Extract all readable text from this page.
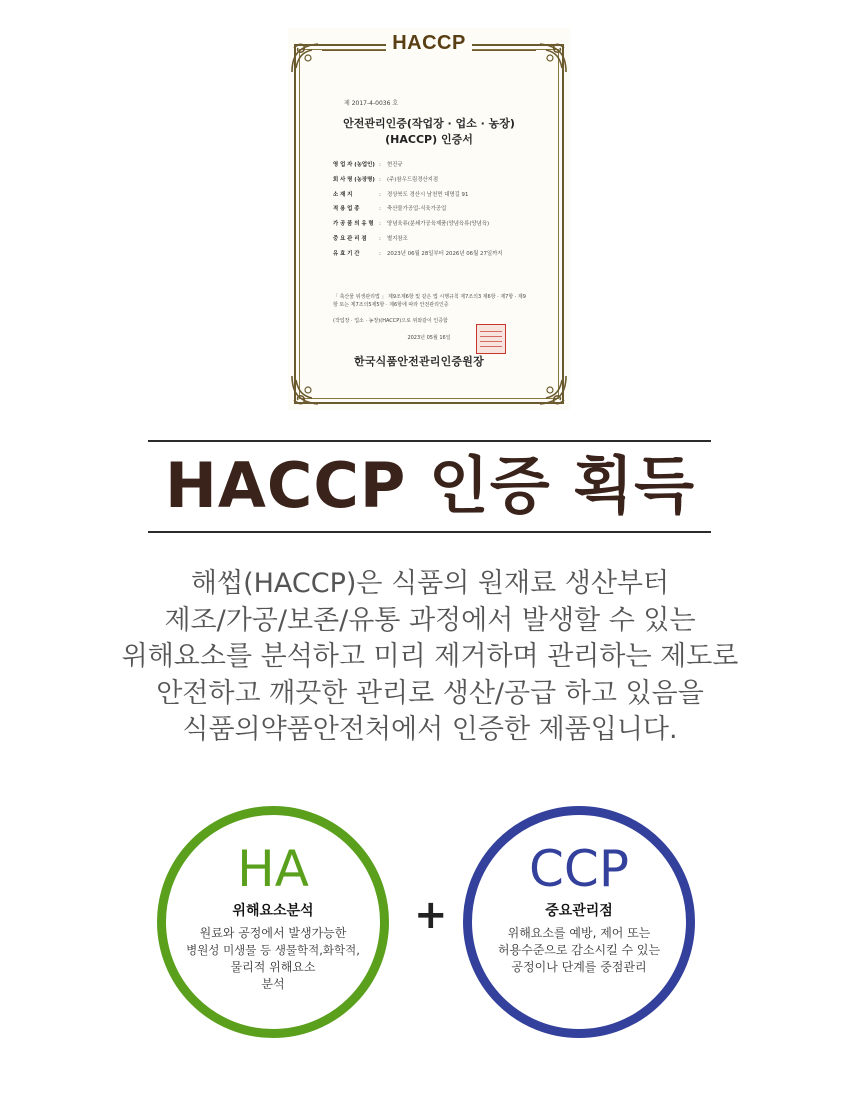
HACCP
제 2017-4-0036 호
안전관리인증(작업장 · 업소 · 농장)
(HACCP) 인증서
영 업 자 (농업인) :	현진규
회 사 명 (농장명) :	(주)참우드림경산지점
소 재 지	:	경상북도 경산시 남천면 대명길 91
적 용 업 종	:	축산물가공업-식육가공업
가 공 품 의 유 형 :	양념육류(분쇄가공육제품(양념육류(양념육)
중 요 관 리 점	:	별지참조
유 효 기 간	:	2023년 06월 28일부터 2026년 06월 27일까지
「 축산물 위생관리법 」 제9조제6항 및 같은 법 시행규칙 제7조의3 제6항 · 제7항 · 제9항 또는 제7조의5제5항 · 제6항에 따라 안전관리인증
(작업장 · 업소 · 농장)(HACCP)으로 위와같이 인증함
2023년 05월 16일
한국식품안전관리인증원장
HACCP 인증 획득
해썹(HACCP)은 식품의 원재료 생산부터
제조/가공/보존/유통 과정에서 발생할 수 있는
위해요소를 분석하고 미리 제거하며 관리하는 제도로
안전하고 깨끗한 관리로 생산/공급 하고 있음을
식품의약품안전처에서 인증한 제품입니다.
HA
위해요소분석
원료와 공정에서 발생가능한
병원성 미생물 등 생물학적,화학적,
물리적 위해요소
분석
+
CCP
중요관리점
위해요소를 예방, 제어 또는
허용수준으로 감소시킬 수 있는
공정이나 단계를 중점관리
